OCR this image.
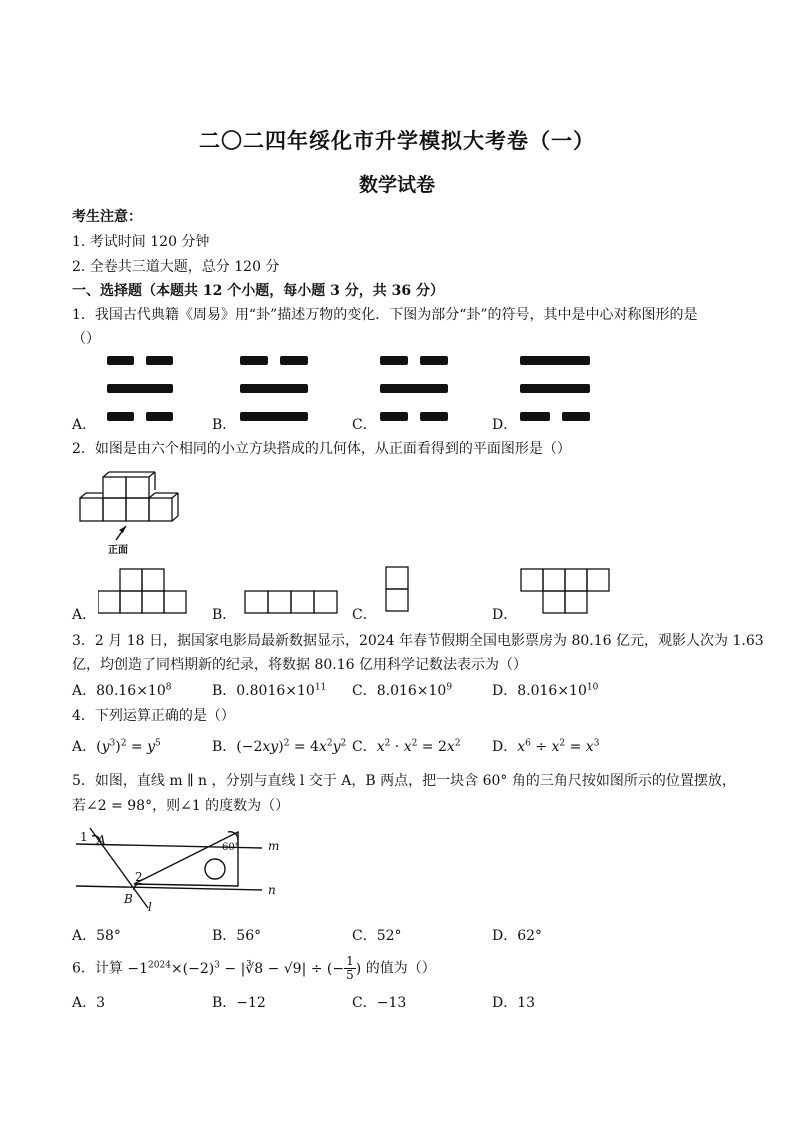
二〇二四年绥化市升学模拟大考卷（一）
数学试卷
考生注意：
1. 考试时间 120 分钟
2. 全卷共三道大题，总分 120 分
一、选择题（本题共 12 个小题，每小题 3 分，共 36 分）
1．我国古代典籍《周易》用“卦”描述万物的变化．下图为部分“卦”的符号，其中是中心对称图形的是
（）
A．	B．	C．	D．
2．如图是由六个相同的小立方块搭成的几何体，从正面看得到的平面图形是（）
正面
A．	B．	C．	D．
3．2 月 18 日，据国家电影局最新数据显示，2024 年春节假期全国电影票房为 80.16 亿元，观影人次为 1.63
亿，均创造了同档期新的纪录，将数据 80.16 亿用科学记数法表示为（）
A．$80.16\times 10^8$	B．$0.8016\times 10^{11}$ C．$8.016\times 10^9$	D．$8.016\times 10^{10}$
4．下列运算正确的是（）
A．$(y^3)^2 = y^5$	B．$(-2xy)^2 = 4x^2y^2$ C．$x^2 \cdot x^2 = 2x^2$ D．$x^6 \div x^2 = x^3$
5．如图，直线 m ∥ n ，分别与直线 l 交于 A，B 两点，把一块含 60° 角的三角尺按如图所示的位置摆放，
若∠2 = 98°，则∠1 的度数为（）
1 A
60° m
2
n
B
l
A．58°	B．56°	C．52°	D．62°
6．计算 $-1^{2024}\times(-2)^3$ − |∛8 − √9| ÷ (− $\frac{1}{5}$ ) 的值为（）
A．3	B．−12	C．−13	D．13
